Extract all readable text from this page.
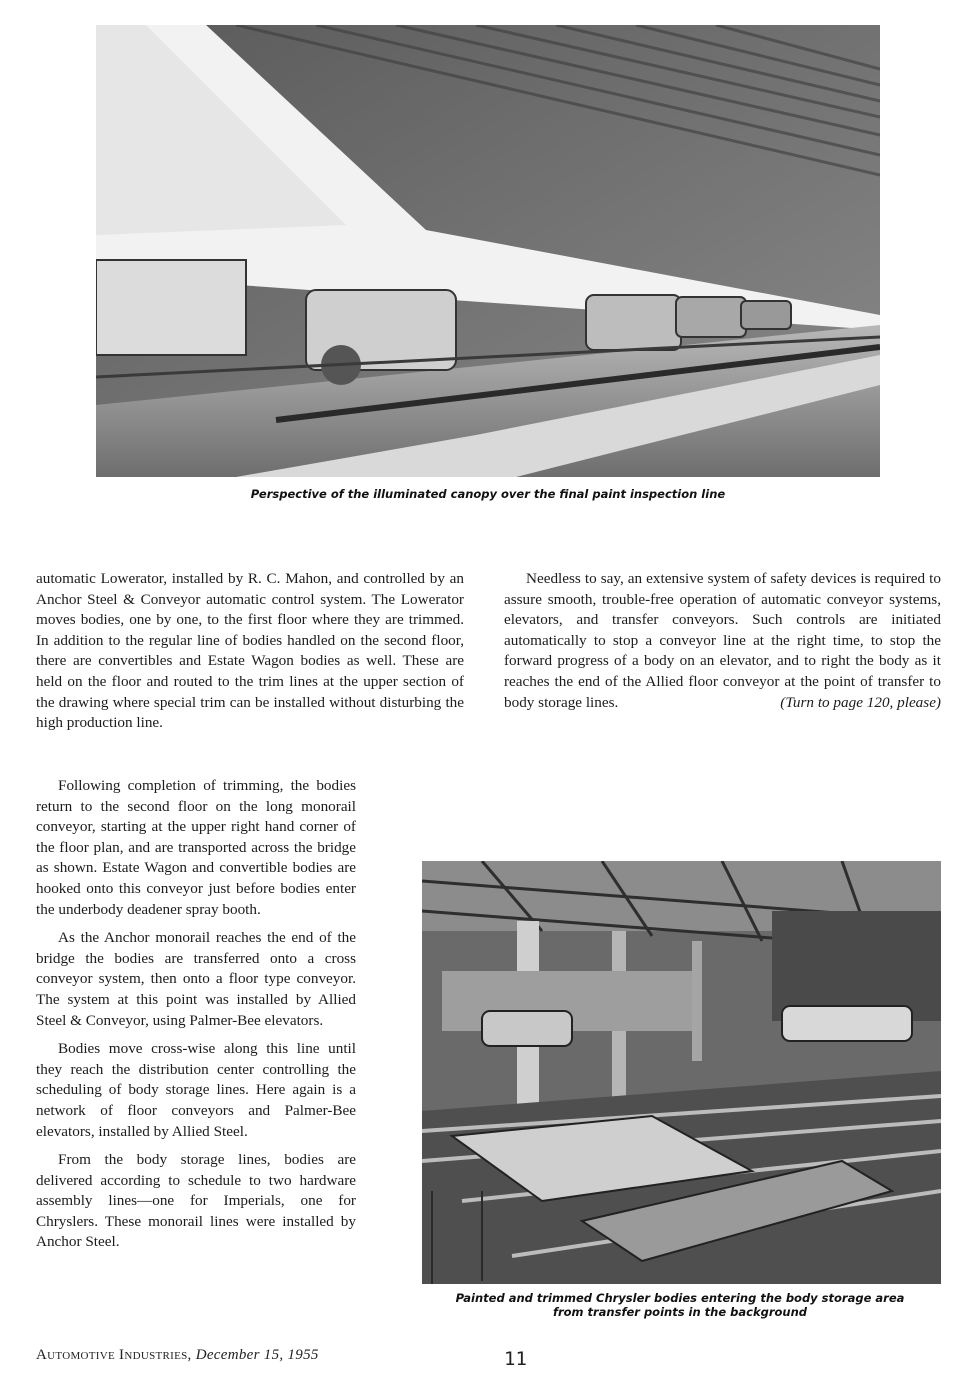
Perspective of the illuminated canopy over the final paint inspection line

automatic Lowerator, installed by R. C. Mahon, and controlled by an Anchor Steel & Conveyor automatic control system. The Lowerator moves bodies, one by one, to the first floor where they are trimmed. In addition to the regular line of bodies handled on the second floor, there are convertibles and Estate Wagon bodies as well. These are held on the floor and routed to the trim lines at the upper section of the drawing where special trim can be installed without disturbing the high production line.

Following completion of trimming, the bodies return to the second floor on the long monorail conveyor, starting at the upper right hand corner of the floor plan, and are transported across the bridge as shown. Estate Wagon and convertible bodies are hooked onto this conveyor just before bodies enter the underbody deadener spray booth.

As the Anchor monorail reaches the end of the bridge the bodies are transferred onto a cross conveyor system, then onto a floor type conveyor. The system at this point was installed by Allied Steel & Conveyor, using Palmer-Bee elevators.

Bodies move cross-wise along this line until they reach the distribution center controlling the scheduling of body storage lines. Here again is a network of floor conveyors and Palmer-Bee elevators, installed by Allied Steel.

From the body storage lines, bodies are delivered according to schedule to two hardware assembly lines—one for Imperials, one for Chryslers. These monorail lines were installed by Anchor Steel.

Needless to say, an extensive system of safety devices is required to assure smooth, trouble-free operation of automatic conveyor systems, elevators, and transfer conveyors. Such controls are initiated automatically to stop a conveyor line at the right time, to stop the forward progress of a body on an elevator, and to right the body as it reaches the end of the Allied floor conveyor at the point of transfer to body storage lines.	(Turn to page 120, please)

Painted and trimmed Chrysler bodies entering the body storage area
from transfer points in the background
Automotive Industries, December 15, 1955	11
